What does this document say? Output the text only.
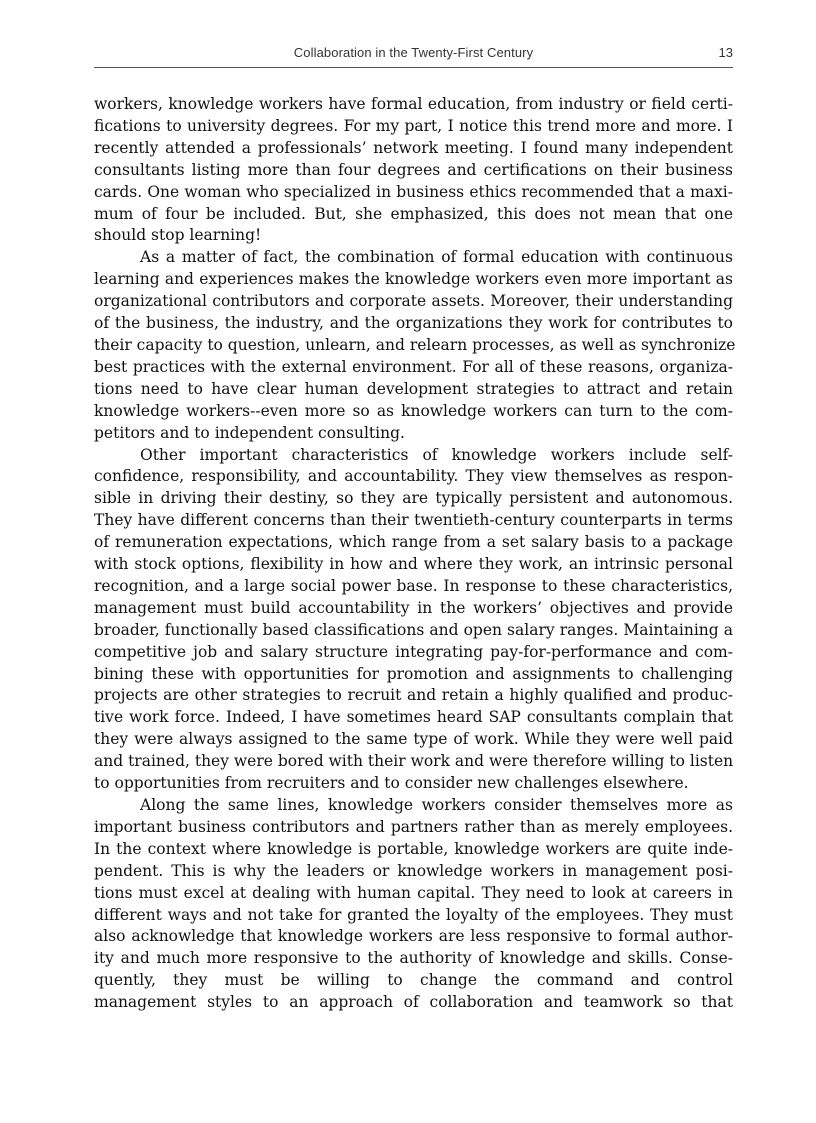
Collaboration in the Twenty-First Century	13
workers, knowledge workers have formal education, from industry or field certi-
fications to university degrees. For my part, I notice this trend more and more. I
recently attended a professionals’ network meeting. I found many independent
consultants listing more than four degrees and certifications on their business
cards. One woman who specialized in business ethics recommended that a maxi-
mum of four be included. But, she emphasized, this does not mean that one
should stop learning!
As a matter of fact, the combination of formal education with continuous
learning and experiences makes the knowledge workers even more important as
organizational contributors and corporate assets. Moreover, their understanding
of the business, the industry, and the organizations they work for contributes to
their capacity to question, unlearn, and relearn processes, as well as synchronize
best practices with the external environment. For all of these reasons, organiza-
tions need to have clear human development strategies to attract and retain
knowledge workers--even more so as knowledge workers can turn to the com-
petitors and to independent consulting.
Other important characteristics of knowledge workers include self-
confidence, responsibility, and accountability. They view themselves as respon-
sible in driving their destiny, so they are typically persistent and autonomous.
They have different concerns than their twentieth-century counterparts in terms
of remuneration expectations, which range from a set salary basis to a package
with stock options, flexibility in how and where they work, an intrinsic personal
recognition, and a large social power base. In response to these characteristics,
management must build accountability in the workers’ objectives and provide
broader, functionally based classifications and open salary ranges. Maintaining a
competitive job and salary structure integrating pay-for-performance and com-
bining these with opportunities for promotion and assignments to challenging
projects are other strategies to recruit and retain a highly qualified and produc-
tive work force. Indeed, I have sometimes heard SAP consultants complain that
they were always assigned to the same type of work. While they were well paid
and trained, they were bored with their work and were therefore willing to listen
to opportunities from recruiters and to consider new challenges elsewhere.
Along the same lines, knowledge workers consider themselves more as
important business contributors and partners rather than as merely employees.
In the context where knowledge is portable, knowledge workers are quite inde-
pendent. This is why the leaders or knowledge workers in management posi-
tions must excel at dealing with human capital. They need to look at careers in
different ways and not take for granted the loyalty of the employees. They must
also acknowledge that knowledge workers are less responsive to formal author-
ity and much more responsive to the authority of knowledge and skills. Conse-
quently, they must be willing to change the command and control
management styles to an approach of collaboration and teamwork so that
